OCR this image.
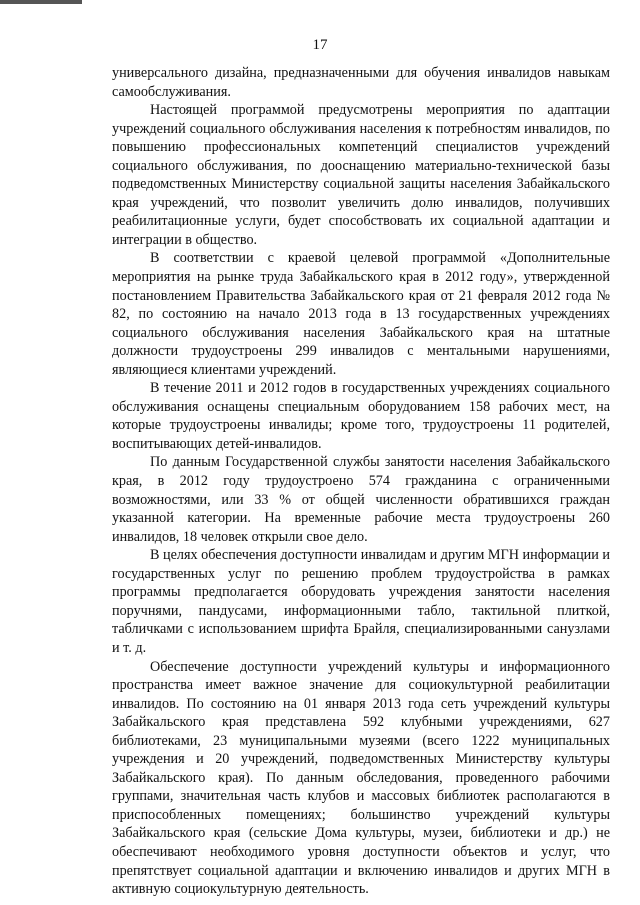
17

универсального дизайна, предназначенными для обучения инвалидов навыкам самообслуживания.

Настоящей программой предусмотрены мероприятия по адаптации учреждений социального обслуживания населения к потребностям инвалидов, по повышению профессиональных компетенций специалистов учреждений социального обслуживания, по дооснащению материально-технической базы подведомственных Министерству социальной защиты населения Забайкальского края учреждений, что позволит увеличить долю инвалидов, получивших реабилитационные услуги, будет способствовать их социальной адаптации и интеграции в общество.

В соответствии с краевой целевой программой «Дополнительные мероприятия на рынке труда Забайкальского края в 2012 году», утвержденной постановлением Правительства Забайкальского края от 21 февраля 2012 года № 82, по состоянию на начало 2013 года в 13 государственных учреждениях социального обслуживания населения Забайкальского края на штатные должности трудоустроены 299 инвалидов с ментальными нарушениями, являющиеся клиентами учреждений.

В течение 2011 и 2012 годов в государственных учреждениях социального обслуживания оснащены специальным оборудованием 158 рабочих мест, на которые трудоустроены инвалиды; кроме того, трудоустроены 11 родителей, воспитывающих детей-инвалидов.

По данным Государственной службы занятости населения Забайкальского края, в 2012 году трудоустроено 574 гражданина с ограниченными возможностями, или 33 % от общей численности обратившихся граждан указанной категории. На временные рабочие места трудоустроены 260 инвалидов, 18 человек открыли свое дело.

В целях обеспечения доступности инвалидам и другим МГН информации и государственных услуг по решению проблем трудоустройства в рамках программы предполагается оборудовать учреждения занятости населения поручнями, пандусами, информационными табло, тактильной плиткой, табличками с использованием шрифта Брайля, специализированными санузлами и т. д.

Обеспечение доступности учреждений культуры и информационного пространства имеет важное значение для социокультурной реабилитации инвалидов. По состоянию на 01 января 2013 года сеть учреждений культуры Забайкальского края представлена 592 клубными учреждениями, 627 библиотеками, 23 муниципальными музеями (всего 1222 муниципальных учреждения и 20 учреждений, подведомственных Министерству культуры Забайкальского края). По данным обследования, проведенного рабочими группами, значительная часть клубов и массовых библиотек располагаются в приспособленных помещениях; большинство учреждений культуры Забайкальского края (сельские Дома культуры, музеи, библиотеки и др.) не обеспечивают необходимого уровня доступности объектов и услуг, что препятствует социальной адаптации и включению инвалидов и других МГН в активную социокультурную деятельность.
